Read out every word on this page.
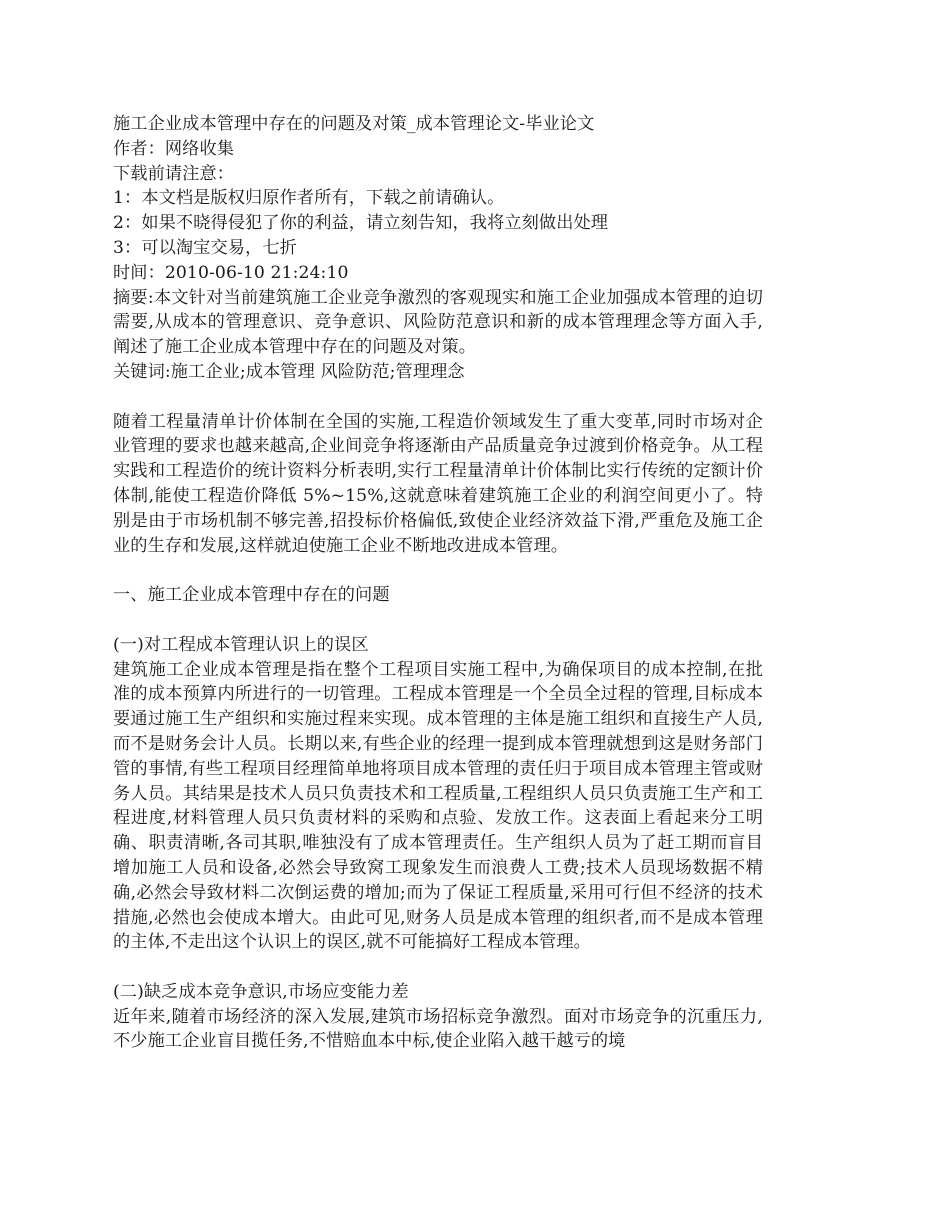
施工企业成本管理中存在的问题及对策_成本管理论文-毕业论文

作者：网络收集

下载前请注意：

1：本文档是版权归原作者所有，下载之前请确认。

2：如果不晓得侵犯了你的利益，请立刻告知，我将立刻做出处理

3：可以淘宝交易，七折

时间：2010-06-10 21:24:10

摘要:本文针对当前建筑施工企业竞争激烈的客观现实和施工企业加强成本管理的迫切需要,从成本的管理意识、竞争意识、风险防范意识和新的成本管理理念等方面入手,阐述了施工企业成本管理中存在的问题及对策。

关键词:施工企业;成本管理 风险防范;管理理念

随着工程量清单计价体制在全国的实施,工程造价领域发生了重大变革,同时市场对企业管理的要求也越来越高,企业间竞争将逐渐由产品质量竞争过渡到价格竞争。从工程实践和工程造价的统计资料分析表明,实行工程量清单计价体制比实行传统的定额计价体制,能使工程造价降低 5%~15%,这就意味着建筑施工企业的利润空间更小了。特别是由于市场机制不够完善,招投标价格偏低,致使企业经济效益下滑,严重危及施工企业的生存和发展,这样就迫使施工企业不断地改进成本管理。

一、施工企业成本管理中存在的问题

(一)对工程成本管理认识上的误区

建筑施工企业成本管理是指在整个工程项目实施工程中,为确保项目的成本控制,在批准的成本预算内所进行的一切管理。工程成本管理是一个全员全过程的管理,目标成本要通过施工生产组织和实施过程来实现。成本管理的主体是施工组织和直接生产人员,而不是财务会计人员。长期以来,有些企业的经理一提到成本管理就想到这是财务部门管的事情,有些工程项目经理简单地将项目成本管理的责任归于项目成本管理主管或财务人员。其结果是技术人员只负责技术和工程质量,工程组织人员只负责施工生产和工程进度,材料管理人员只负责材料的采购和点验、发放工作。这表面上看起来分工明确、职责清晰,各司其职,唯独没有了成本管理责任。生产组织人员为了赶工期而盲目增加施工人员和设备,必然会导致窝工现象发生而浪费人工费;技术人员现场数据不精确,必然会导致材料二次倒运费的增加;而为了保证工程质量,采用可行但不经济的技术措施,必然也会使成本增大。由此可见,财务人员是成本管理的组织者,而不是成本管理的主体,不走出这个认识上的误区,就不可能搞好工程成本管理。

(二)缺乏成本竞争意识,市场应变能力差

近年来,随着市场经济的深入发展,建筑市场招标竞争激烈。面对市场竞争的沉重压力,不少施工企业盲目揽任务,不惜赔血本中标,使企业陷入越干越亏的境
